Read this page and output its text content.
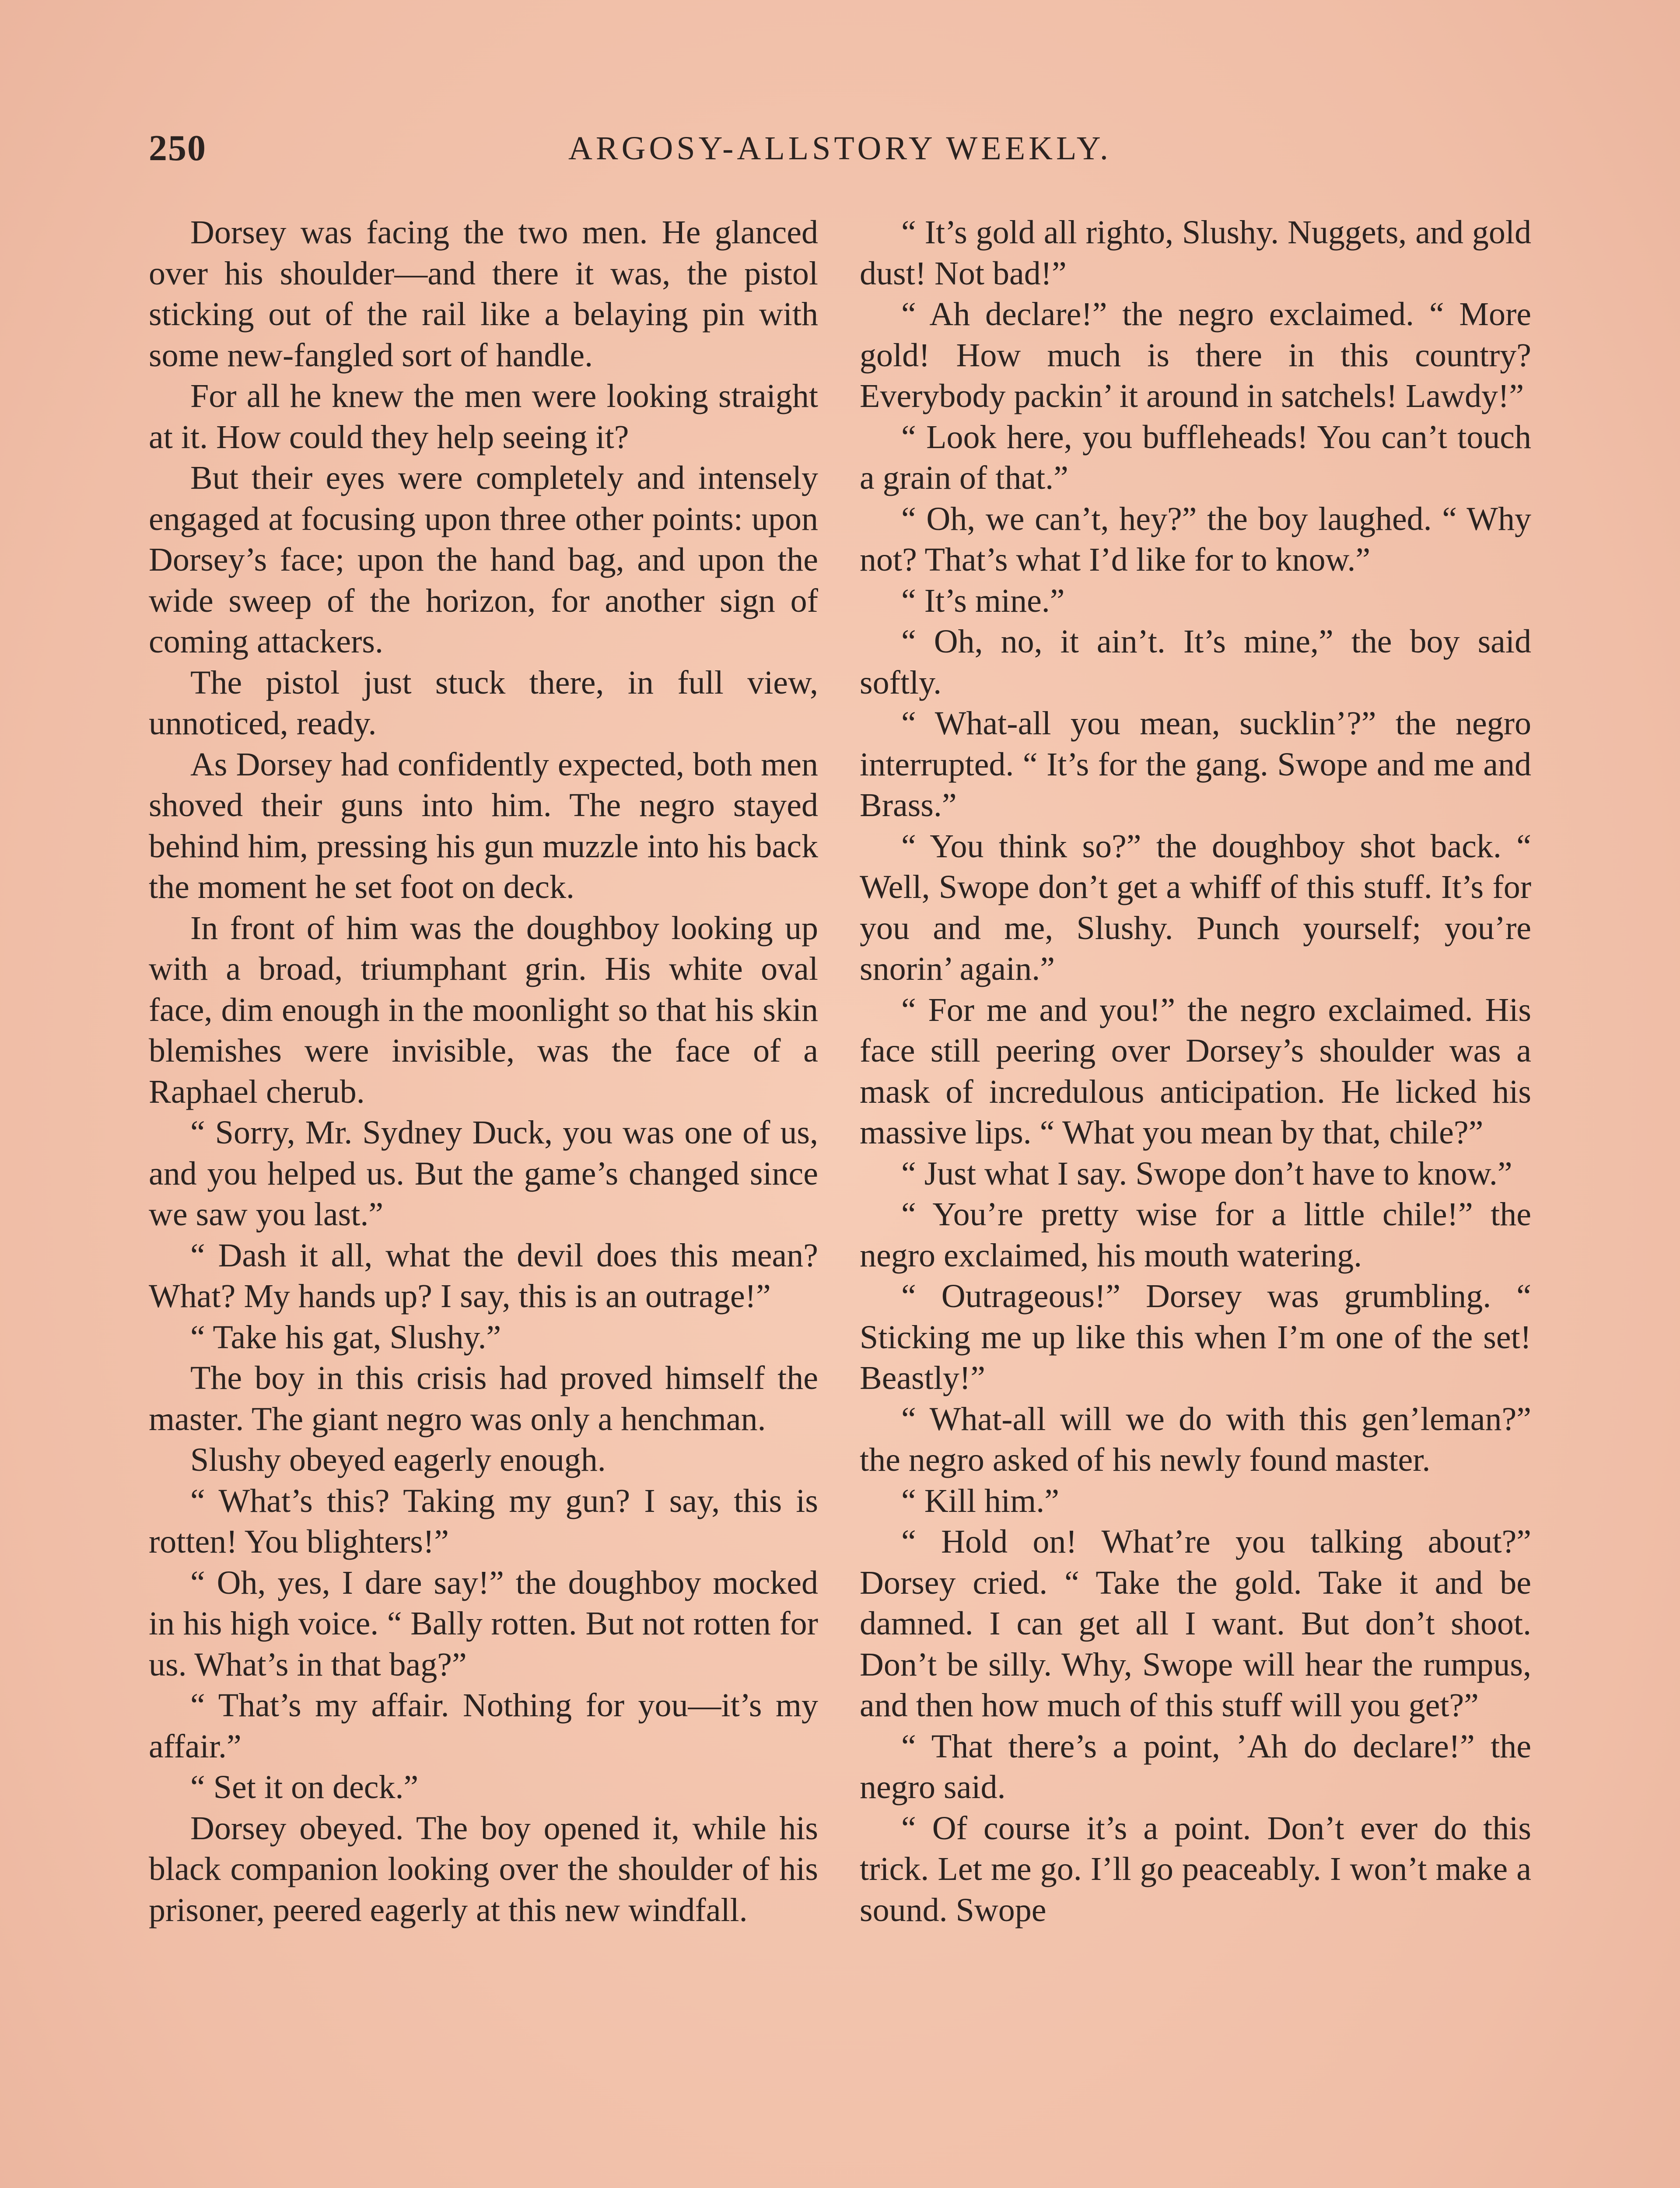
250	ARGOSY-ALLSTORY WEEKLY.

Dorsey was facing the two men. He glanced over his shoulder—and there it was, the pistol sticking out of the rail like a belaying pin with some new-fangled sort of handle.

For all he knew the men were looking straight at it. How could they help seeing it?

But their eyes were completely and intensely engaged at focusing upon three other points: upon Dorsey’s face; upon the hand bag, and upon the wide sweep of the horizon, for another sign of coming attackers.

The pistol just stuck there, in full view, unnoticed, ready.

As Dorsey had confidently expected, both men shoved their guns into him. The negro stayed behind him, pressing his gun muzzle into his back the moment he set foot on deck.

In front of him was the doughboy looking up with a broad, triumphant grin. His white oval face, dim enough in the moonlight so that his skin blemishes were invisible, was the face of a Raphael cherub.

“ Sorry, Mr. Sydney Duck, you was one of us, and you helped us. But the game’s changed since we saw you last.”

“ Dash it all, what the devil does this mean? What? My hands up? I say, this is an outrage!”

“ Take his gat, Slushy.”

The boy in this crisis had proved himself the master. The giant negro was only a henchman.

Slushy obeyed eagerly enough.

“ What’s this? Taking my gun? I say, this is rotten! You blighters!”

“ Oh, yes, I dare say!” the doughboy mocked in his high voice. “ Bally rotten. But not rotten for us. What’s in that bag?”

“ That’s my affair. Nothing for you—it’s my affair.”

“ Set it on deck.”

Dorsey obeyed. The boy opened it, while his black companion looking over the shoulder of his prisoner, peered eagerly at this new windfall.

“ It’s gold all righto, Slushy. Nuggets, and gold dust! Not bad!”

“ Ah declare!” the negro exclaimed. “ More gold! How much is there in this country? Everybody packin’ it around in satchels! Lawdy!”

“ Look here, you buffleheads! You can’t touch a grain of that.”

“ Oh, we can’t, hey?” the boy laughed. “ Why not? That’s what I’d like for to know.”

“ It’s mine.”

“ Oh, no, it ain’t. It’s mine,” the boy said softly.

“ What-all you mean, sucklin’?” the negro interrupted. “ It’s for the gang. Swope and me and Brass.”

“ You think so?” the doughboy shot back. “ Well, Swope don’t get a whiff of this stuff. It’s for you and me, Slushy. Punch yourself; you’re snorin’ again.”

“ For me and you!” the negro exclaimed. His face still peering over Dorsey’s shoulder was a mask of incredulous anticipation. He licked his massive lips. “ What you mean by that, chile?”

“ Just what I say. Swope don’t have to know.”

“ You’re pretty wise for a little chile!” the negro exclaimed, his mouth watering.

“ Outrageous!” Dorsey was grumbling. “ Sticking me up like this when I’m one of the set! Beastly!”

“ What-all will we do with this gen’leman?” the negro asked of his newly found master.

“ Kill him.”

“ Hold on! What’re you talking about?” Dorsey cried. “ Take the gold. Take it and be damned. I can get all I want. But don’t shoot. Don’t be silly. Why, Swope will hear the rumpus, and then how much of this stuff will you get?”

“ That there’s a point, ’Ah do declare!” the negro said.

“ Of course it’s a point. Don’t ever do this trick. Let me go. I’ll go peaceably. I won’t make a sound. Swope
